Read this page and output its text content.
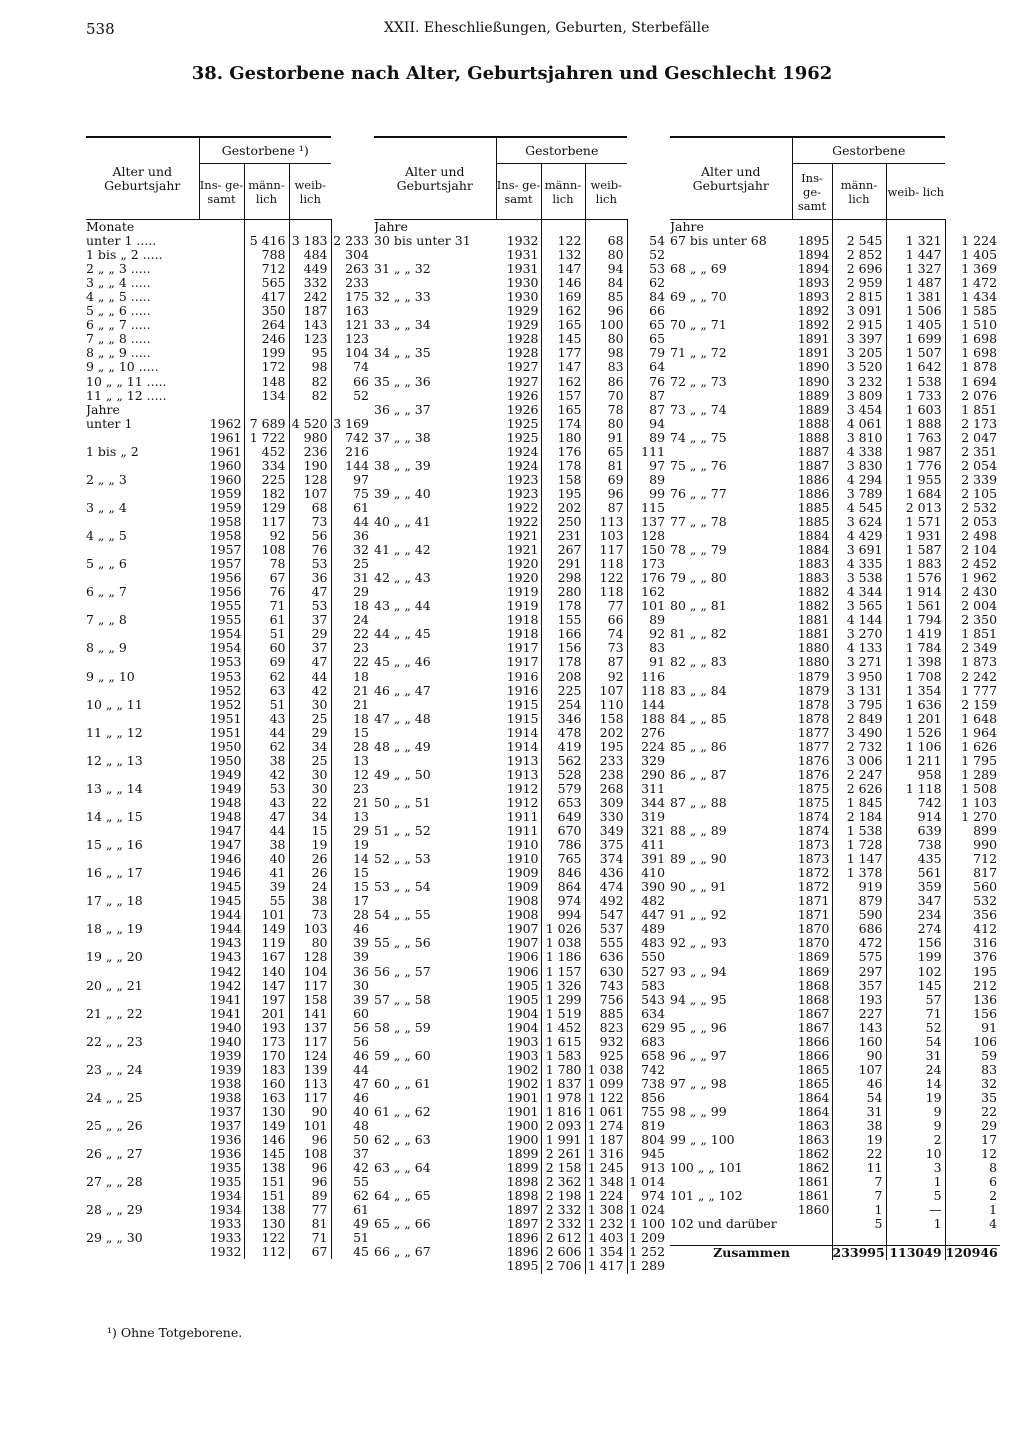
538	XXII. Eheschließungen, Geburten, Sterbefälle
38. Gestorbene nach Alter, Geburtsjahren und Geschlecht 1962
Alter und Geburtsjahr	Gestorbene ¹)			
	Ins- ge- samt	männ- lich	weib- lich	
Monate				
unter 1 .....		5 416	3 183	2 233
1 bis „ 2 .....		788	484	304
2 „ „ 3 .....		712	449	263
3 „ „ 4 .....		565	332	233
4 „ „ 5 .....		417	242	175
5 „ „ 6 .....		350	187	163
6 „ „ 7 .....		264	143	121
7 „ „ 8 .....		246	123	123
8 „ „ 9 .....		199	95	104
9 „ „ 10 .....		172	98	74
10 „ „ 11 .....		148	82	66
11 „ „ 12 .....		134	82	52
Jahre				
unter 1	1962	7 689	4 520	3 169
	1961	1 722	980	742
1 bis „ 2	1961	452	236	216
	1960	334	190	144
2 „ „ 3	1960	225	128	97
	1959	182	107	75
3 „ „ 4	1959	129	68	61
	1958	117	73	44
4 „ „ 5	1958	92	56	36
	1957	108	76	32
5 „ „ 6	1957	78	53	25
	1956	67	36	31
6 „ „ 7	1956	76	47	29
	1955	71	53	18
7 „ „ 8	1955	61	37	24
	1954	51	29	22
8 „ „ 9	1954	60	37	23
	1953	69	47	22
9 „ „ 10	1953	62	44	18
	1952	63	42	21
10 „ „ 11	1952	51	30	21
	1951	43	25	18
11 „ „ 12	1951	44	29	15
	1950	62	34	28
12 „ „ 13	1950	38	25	13
	1949	42	30	12
13 „ „ 14	1949	53	30	23
	1948	43	22	21
14 „ „ 15	1948	47	34	13
	1947	44	15	29
15 „ „ 16	1947	38	19	19
	1946	40	26	14
16 „ „ 17	1946	41	26	15
	1945	39	24	15
17 „ „ 18	1945	55	38	17
	1944	101	73	28
18 „ „ 19	1944	149	103	46
	1943	119	80	39
19 „ „ 20	1943	167	128	39
	1942	140	104	36
20 „ „ 21	1942	147	117	30
	1941	197	158	39
21 „ „ 22	1941	201	141	60
	1940	193	137	56
22 „ „ 23	1940	173	117	56
	1939	170	124	46
23 „ „ 24	1939	183	139	44
	1938	160	113	47
24 „ „ 25	1938	163	117	46
	1937	130	90	40
25 „ „ 26	1937	149	101	48
	1936	146	96	50
26 „ „ 27	1936	145	108	37
	1935	138	96	42
27 „ „ 28	1935	151	96	55
	1934	151	89	62
28 „ „ 29	1934	138	77	61
	1933	130	81	49
29 „ „ 30	1933	122	71	51
	1932	112	67	45
Alter und Geburtsjahr	Gestorbene			
	Ins- ge- samt	männ- lich	weib- lich	
Jahre				
30 bis unter 31	1932	122	68	54
	1931	132	80	52
31 „ „ 32	1931	147	94	53
	1930	146	84	62
32 „ „ 33	1930	169	85	84
	1929	162	96	66
33 „ „ 34	1929	165	100	65
	1928	145	80	65
34 „ „ 35	1928	177	98	79
	1927	147	83	64
35 „ „ 36	1927	162	86	76
	1926	157	70	87
36 „ „ 37	1926	165	78	87
	1925	174	80	94
37 „ „ 38	1925	180	91	89
	1924	176	65	111
38 „ „ 39	1924	178	81	97
	1923	158	69	89
39 „ „ 40	1923	195	96	99
	1922	202	87	115
40 „ „ 41	1922	250	113	137
	1921	231	103	128
41 „ „ 42	1921	267	117	150
	1920	291	118	173
42 „ „ 43	1920	298	122	176
	1919	280	118	162
43 „ „ 44	1919	178	77	101
	1918	155	66	89
44 „ „ 45	1918	166	74	92
	1917	156	73	83
45 „ „ 46	1917	178	87	91
	1916	208	92	116
46 „ „ 47	1916	225	107	118
	1915	254	110	144
47 „ „ 48	1915	346	158	188
	1914	478	202	276
48 „ „ 49	1914	419	195	224
	1913	562	233	329
49 „ „ 50	1913	528	238	290
	1912	579	268	311
50 „ „ 51	1912	653	309	344
	1911	649	330	319
51 „ „ 52	1911	670	349	321
	1910	786	375	411
52 „ „ 53	1910	765	374	391
	1909	846	436	410
53 „ „ 54	1909	864	474	390
	1908	974	492	482
54 „ „ 55	1908	994	547	447
	1907	1 026	537	489
55 „ „ 56	1907	1 038	555	483
	1906	1 186	636	550
56 „ „ 57	1906	1 157	630	527
	1905	1 326	743	583
57 „ „ 58	1905	1 299	756	543
	1904	1 519	885	634
58 „ „ 59	1904	1 452	823	629
	1903	1 615	932	683
59 „ „ 60	1903	1 583	925	658
	1902	1 780	1 038	742
60 „ „ 61	1902	1 837	1 099	738
	1901	1 978	1 122	856
61 „ „ 62	1901	1 816	1 061	755
	1900	2 093	1 274	819
62 „ „ 63	1900	1 991	1 187	804
	1899	2 261	1 316	945
63 „ „ 64	1899	2 158	1 245	913
	1898	2 362	1 348	1 014
64 „ „ 65	1898	2 198	1 224	974
	1897	2 332	1 308	1 024
65 „ „ 66	1897	2 332	1 232	1 100
	1896	2 612	1 403	1 209
66 „ „ 67	1896	2 606	1 354	1 252
	1895	2 706	1 417	1 289
Alter und Geburtsjahr	Gestorbene			
	Ins- ge- samt	männ- lich	weib- lich	
Jahre				
67 bis unter 68	1895	2 545	1 321	1 224
	1894	2 852	1 447	1 405
68 „ „ 69	1894	2 696	1 327	1 369
	1893	2 959	1 487	1 472
69 „ „ 70	1893	2 815	1 381	1 434
	1892	3 091	1 506	1 585
70 „ „ 71	1892	2 915	1 405	1 510
	1891	3 397	1 699	1 698
71 „ „ 72	1891	3 205	1 507	1 698
	1890	3 520	1 642	1 878
72 „ „ 73	1890	3 232	1 538	1 694
	1889	3 809	1 733	2 076
73 „ „ 74	1889	3 454	1 603	1 851
	1888	4 061	1 888	2 173
74 „ „ 75	1888	3 810	1 763	2 047
	1887	4 338	1 987	2 351
75 „ „ 76	1887	3 830	1 776	2 054
	1886	4 294	1 955	2 339
76 „ „ 77	1886	3 789	1 684	2 105
	1885	4 545	2 013	2 532
77 „ „ 78	1885	3 624	1 571	2 053
	1884	4 429	1 931	2 498
78 „ „ 79	1884	3 691	1 587	2 104
	1883	4 335	1 883	2 452
79 „ „ 80	1883	3 538	1 576	1 962
	1882	4 344	1 914	2 430
80 „ „ 81	1882	3 565	1 561	2 004
	1881	4 144	1 794	2 350
81 „ „ 82	1881	3 270	1 419	1 851
	1880	4 133	1 784	2 349
82 „ „ 83	1880	3 271	1 398	1 873
	1879	3 950	1 708	2 242
83 „ „ 84	1879	3 131	1 354	1 777
	1878	3 795	1 636	2 159
84 „ „ 85	1878	2 849	1 201	1 648
	1877	3 490	1 526	1 964
85 „ „ 86	1877	2 732	1 106	1 626
	1876	3 006	1 211	1 795
86 „ „ 87	1876	2 247	958	1 289
	1875	2 626	1 118	1 508
87 „ „ 88	1875	1 845	742	1 103
	1874	2 184	914	1 270
88 „ „ 89	1874	1 538	639	899
	1873	1 728	738	990
89 „ „ 90	1873	1 147	435	712
	1872	1 378	561	817
90 „ „ 91	1872	919	359	560
	1871	879	347	532
91 „ „ 92	1871	590	234	356
	1870	686	274	412
92 „ „ 93	1870	472	156	316
	1869	575	199	376
93 „ „ 94	1869	297	102	195
	1868	357	145	212
94 „ „ 95	1868	193	57	136
	1867	227	71	156
95 „ „ 96	1867	143	52	91
	1866	160	54	106
96 „ „ 97	1866	90	31	59
	1865	107	24	83
97 „ „ 98	1865	46	14	32
	1864	54	19	35
98 „ „ 99	1864	31	9	22
	1863	38	9	29
99 „ „ 100	1863	19	2	17
	1862	22	10	12
100 „ „ 101	1862	11	3	8
	1861	7	1	6
101 „ „ 102	1861	7	5	2
	1860	1	—	1
102 und darüber		5	1	4

Zusammen		233995	113049	120946
¹) Ohne Totgeborene.
